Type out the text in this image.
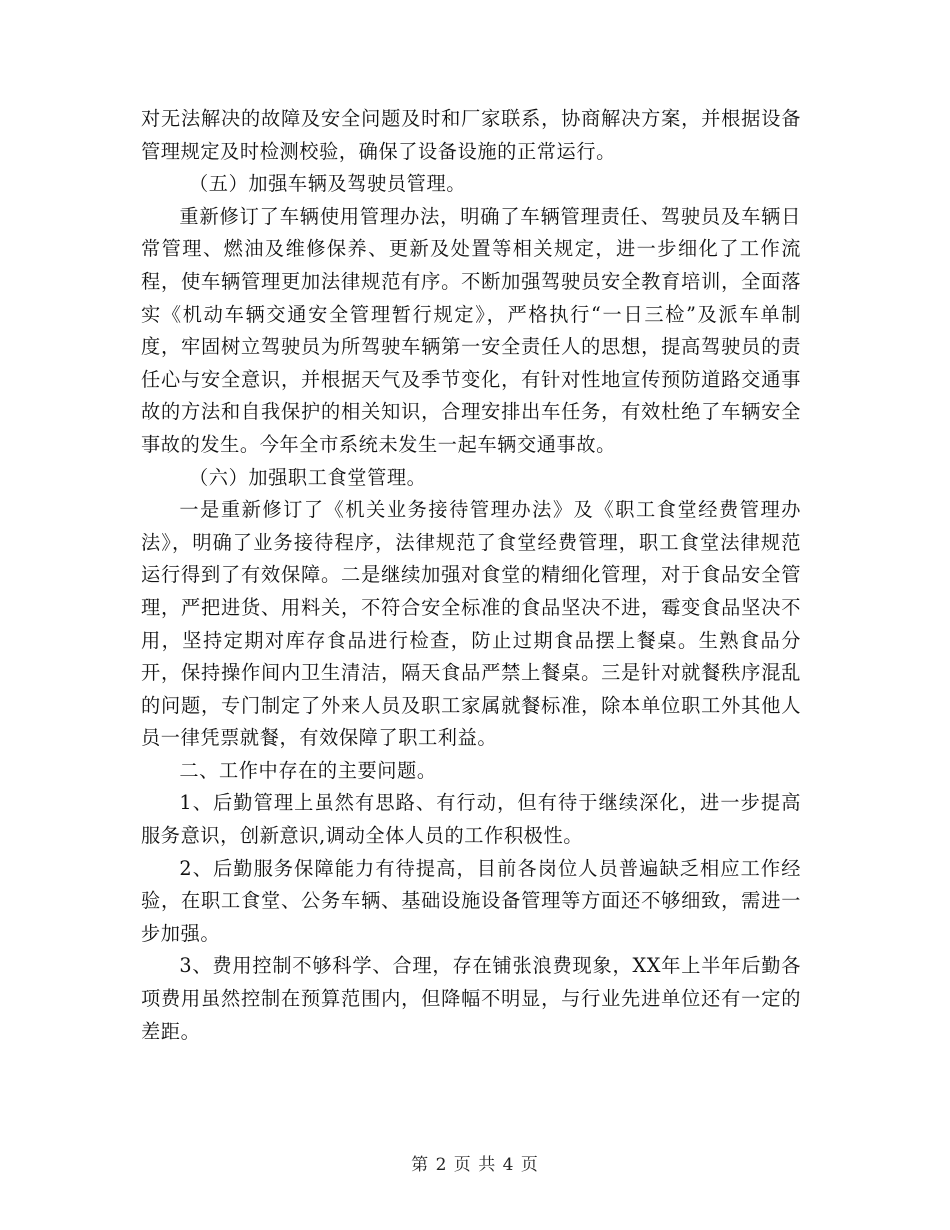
对无法解决的故障及安全问题及时和厂家联系，协商解决方案，并根据设备管理规定及时检测校验，确保了设备设施的正常运行。

（五）加强车辆及驾驶员管理。

重新修订了车辆使用管理办法，明确了车辆管理责任、驾驶员及车辆日常管理、燃油及维修保养、更新及处置等相关规定，进一步细化了工作流程，使车辆管理更加法律规范有序。不断加强驾驶员安全教育培训，全面落实《机动车辆交通安全管理暂行规定》，严格执行“一日三检”及派车单制度，牢固树立驾驶员为所驾驶车辆第一安全责任人的思想，提高驾驶员的责任心与安全意识，并根据天气及季节变化，有针对性地宣传预防道路交通事故的方法和自我保护的相关知识，合理安排出车任务，有效杜绝了车辆安全事故的发生。今年全市系统未发生一起车辆交通事故。

（六）加强职工食堂管理。

一是重新修订了《机关业务接待管理办法》及《职工食堂经费管理办法》，明确了业务接待程序，法律规范了食堂经费管理，职工食堂法律规范运行得到了有效保障。二是继续加强对食堂的精细化管理，对于食品安全管理，严把进货、用料关，不符合安全标准的食品坚决不进，霉变食品坚决不用，坚持定期对库存食品进行检查，防止过期食品摆上餐桌。生熟食品分开，保持操作间内卫生清洁，隔天食品严禁上餐桌。三是针对就餐秩序混乱的问题，专门制定了外来人员及职工家属就餐标准，除本单位职工外其他人员一律凭票就餐，有效保障了职工利益。

二、工作中存在的主要问题。

1、后勤管理上虽然有思路、有行动，但有待于继续深化，进一步提高服务意识，创新意识,调动全体人员的工作积极性。

2、后勤服务保障能力有待提高，目前各岗位人员普遍缺乏相应工作经验，在职工食堂、公务车辆、基础设施设备管理等方面还不够细致，需进一步加强。

3、费用控制不够科学、合理，存在铺张浪费现象，XX年上半年后勤各项费用虽然控制在预算范围内，但降幅不明显，与行业先进单位还有一定的差距。

第 2 页 共 4 页
